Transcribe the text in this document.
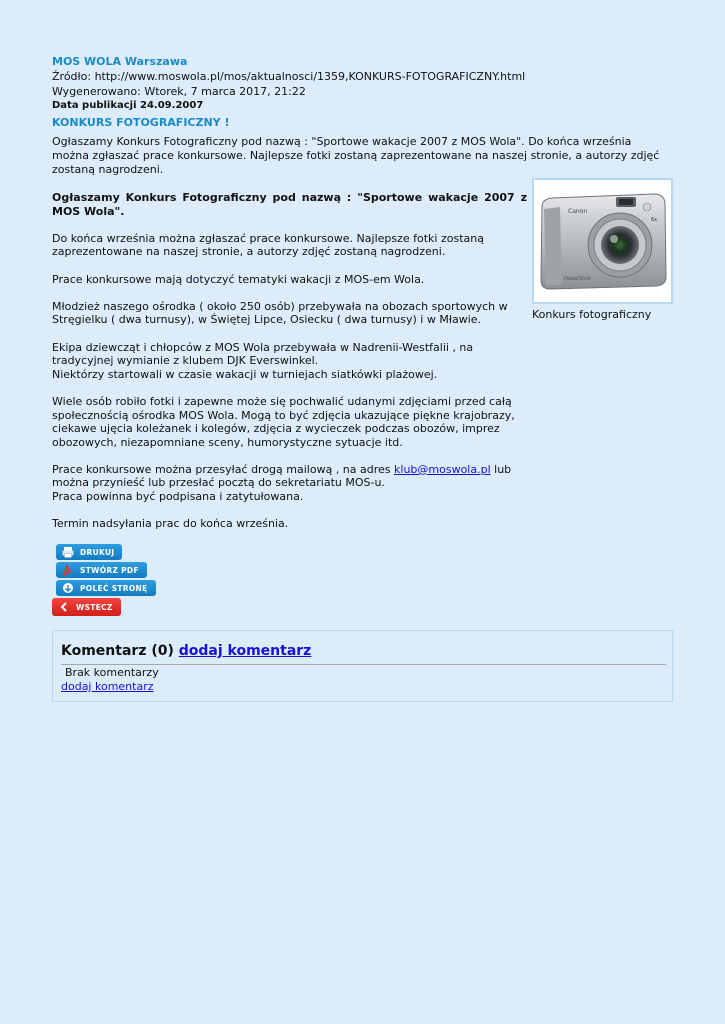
MOS WOLA Warszawa
Źródło: http://www.moswola.pl/mos/aktualnosci/1359,KONKURS-FOTOGRAFICZNY.html
Wygenerowano: Wtorek, 7 marca 2017, 21:22
Data publikacji 24.09.2007
KONKURS FOTOGRAFICZNY !
Ogłaszamy Konkurs Fotograficzny pod nazwą : "Sportowe wakacje 2007 z MOS Wola". Do końca września można zgłaszać prace konkursowe. Najlepsze fotki zostaną zaprezentowane na naszej stronie, a autorzy zdjęć zostaną nagrodzeni.

Ogłaszamy Konkurs Fotograficzny pod nazwą : "Sportowe wakacje 2007 z MOS Wola".

Do końca września można zgłaszać prace konkursowe. Najlepsze fotki zostaną zaprezentowane na naszej stronie, a autorzy zdjęć zostaną nagrodzeni.

Prace konkursowe mają dotyczyć tematyki wakacji z MOS-em Wola.

Młodzież naszego ośrodka ( około 250 osób) przebywała na obozach sportowych w Stręgielku ( dwa turnusy), w Świętej Lipce, Osiecku ( dwa turnusy) i w Mławie.

Ekipa dziewcząt i chłopców z MOS Wola przebywała w Nadrenii-Westfalii , na tradycyjnej wymianie z klubem DJK Everswinkel.
Niektórzy startowali w czasie wakacji w turniejach siatkówki plażowej.

Wiele osób robiło fotki i zapewne może się pochwalić udanymi zdjęciami przed całą społecznością ośrodka MOS Wola. Mogą to być zdjęcia ukazujące piękne krajobrazy, ciekawe ujęcia koleżanek i kolegów, zdjęcia z wycieczek podczas obozów, imprez obozowych, niezapomniane sceny, humorystyczne sytuacje itd.

Prace konkursowe można przesyłać drogą mailową , na adres klub@moswola.pl lub można przynieść lub przesłać pocztą do sekretariatu MOS-u.
Praca powinna być podpisana i zatytułowana.

Termin nadsyłania prac do końca września.

Canon
6x
PowerShot
Konkurs fotograficzny
DRUKUJ
STWÓRZ PDF
POLEĆ STRONĘ
WSTECZ
Komentarz (0) dodaj komentarz
Brak komentarzy
dodaj komentarz
